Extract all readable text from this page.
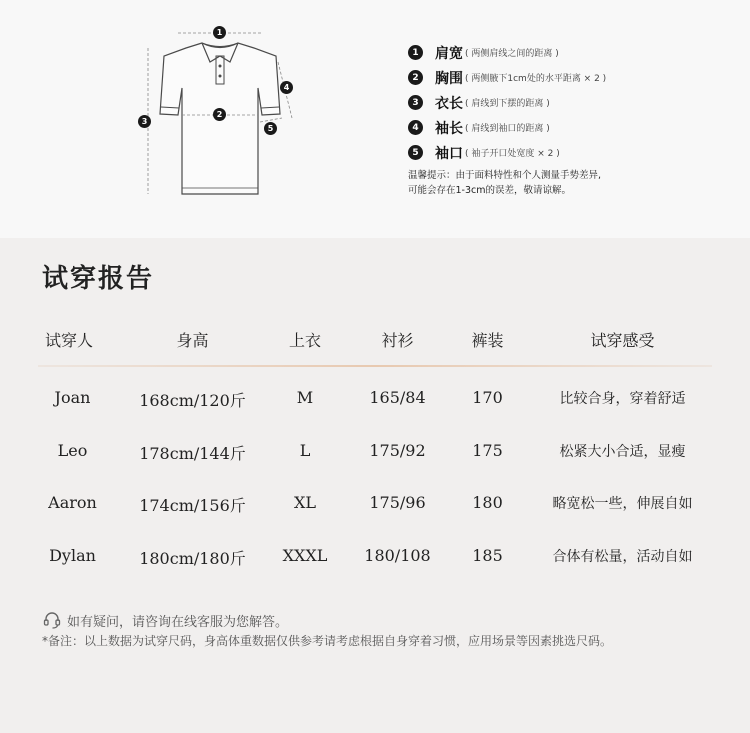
1
2
3
4
5
1	肩宽 ( 两侧肩线之间的距离 )
2	胸围 ( 两侧腋下1cm处的水平距离 × 2 )
3	衣长 ( 肩线到下摆的距离 )
4	袖长 ( 肩线到袖口的距离 )
5	袖口 ( 袖子开口处宽度 × 2 )
温馨提示：由于面料特性和个人测量手势差异,
可能会存在1-3cm的误差，敬请谅解。
试穿报告
试穿人	身高	上衣	衬衫	裤装	试穿感受
Joan	168cm/120斤	M	165/84	170	比较合身，穿着舒适
Leo	178cm/144斤	L	175/92	175	松紧大小合适，显瘦
Aaron	174cm/156斤	XL	175/96	180	略宽松一些，伸展自如
Dylan	180cm/180斤	XXXL	180/108	185	合体有松量，活动自如
如有疑问，请咨询在线客服为您解答。
*备注：以上数据为试穿尺码，身高体重数据仅供参考请考虑根据自身穿着习惯，应用场景等因素挑选尺码。
